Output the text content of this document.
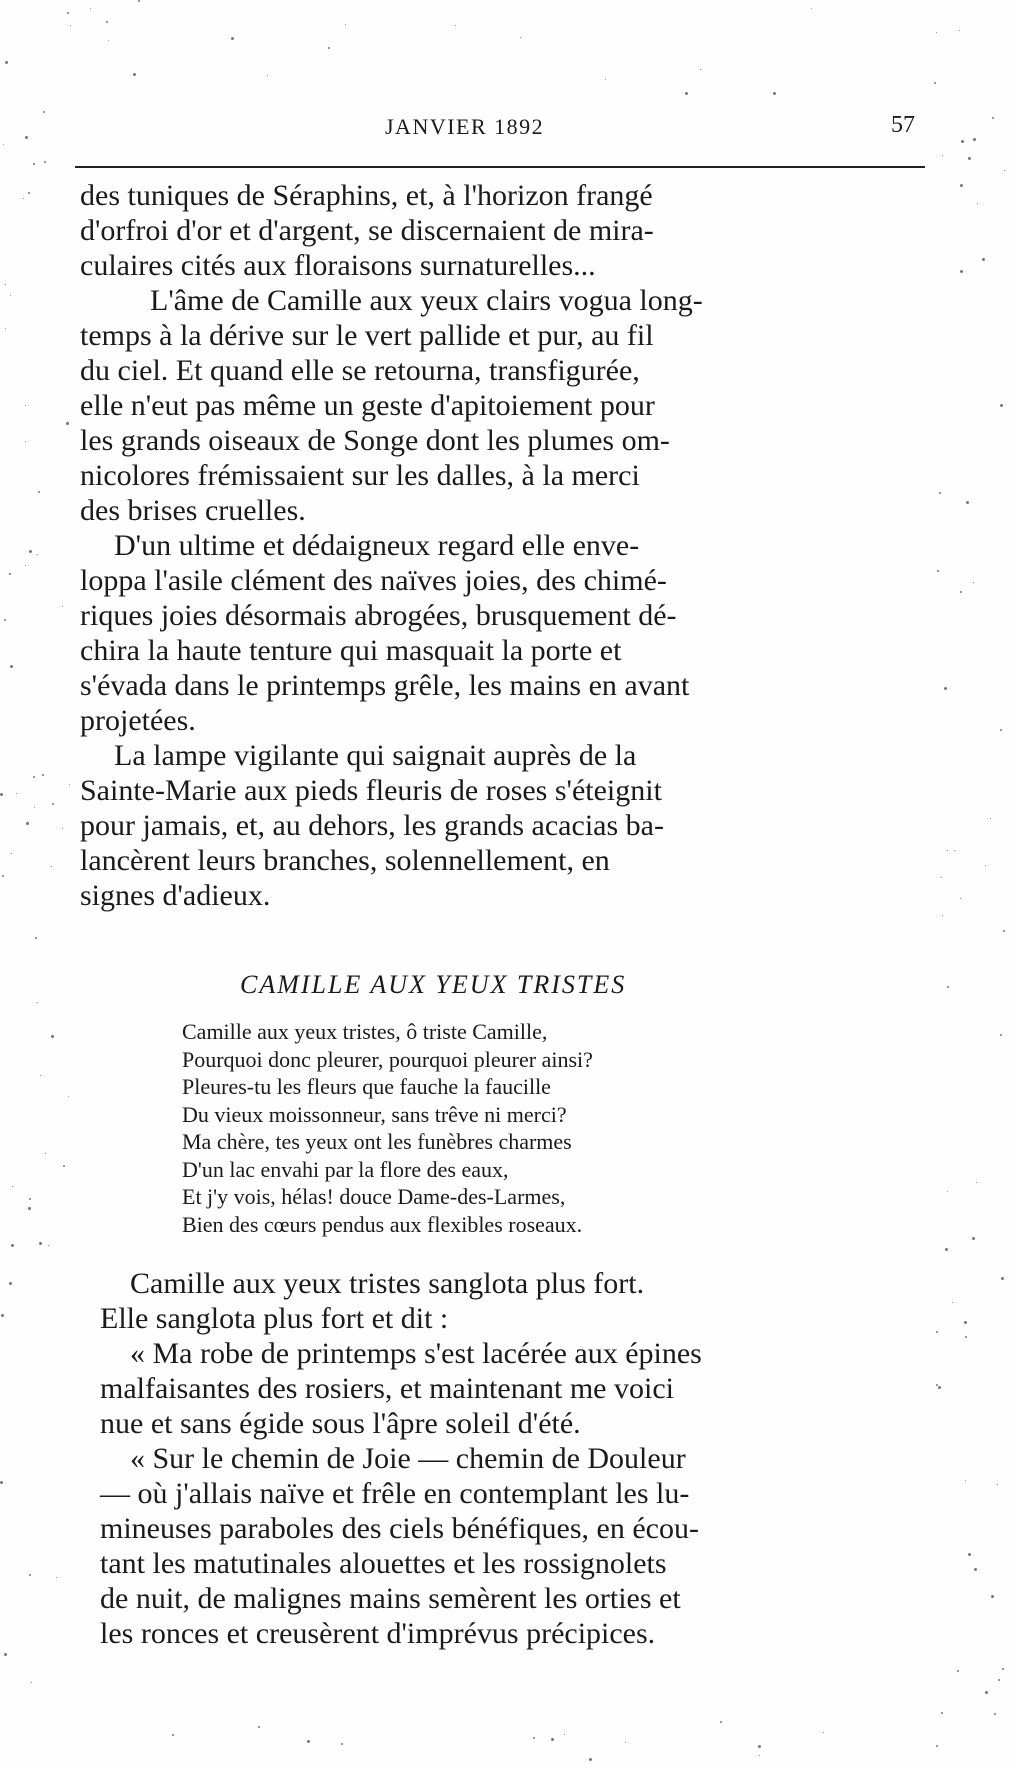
JANVIER 1892	57

des tuniques de Séraphins, et, à l'horizon frangé
d'orfroi d'or et d'argent, se discernaient de mira-
culaires cités aux floraisons surnaturelles...

L'âme de Camille aux yeux clairs vogua long-
temps à la dérive sur le vert pallide et pur, au fil
du ciel. Et quand elle se retourna, transfigurée,
elle n'eut pas même un geste d'apitoiement pour
les grands oiseaux de Songe dont les plumes om-
nicolores frémissaient sur les dalles, à la merci
des brises cruelles.

D'un ultime et dédaigneux regard elle enve-
loppa l'asile clément des naïves joies, des chimé-
riques joies désormais abrogées, brusquement dé-
chira la haute tenture qui masquait la porte et
s'évada dans le printemps grêle, les mains en avant
projetées.

La lampe vigilante qui saignait auprès de la
Sainte-Marie aux pieds fleuris de roses s'éteignit
pour jamais, et, au dehors, les grands acacias ba-
lancèrent leurs branches, solennellement, en
signes d'adieux.

CAMILLE AUX YEUX TRISTES
Camille aux yeux tristes, ô triste Camille,
Pourquoi donc pleurer, pourquoi pleurer ainsi?
Pleures-tu les fleurs que fauche la faucille
Du vieux moissonneur, sans trêve ni merci?
Ma chère, tes yeux ont les funèbres charmes
D'un lac envahi par la flore des eaux,
Et j'y vois, hélas! douce Dame-des-Larmes,
Bien des cœurs pendus aux flexibles roseaux.

Camille aux yeux tristes sanglota plus fort.
Elle sanglota plus fort et dit :

« Ma robe de printemps s'est lacérée aux épines
malfaisantes des rosiers, et maintenant me voici
nue et sans égide sous l'âpre soleil d'été.

« Sur le chemin de Joie — chemin de Douleur
— où j'allais naïve et frêle en contemplant les lu-
mineuses paraboles des ciels bénéfiques, en écou-
tant les matutinales alouettes et les rossignolets
de nuit, de malignes mains semèrent les orties et
les ronces et creusèrent d'imprévus précipices.
